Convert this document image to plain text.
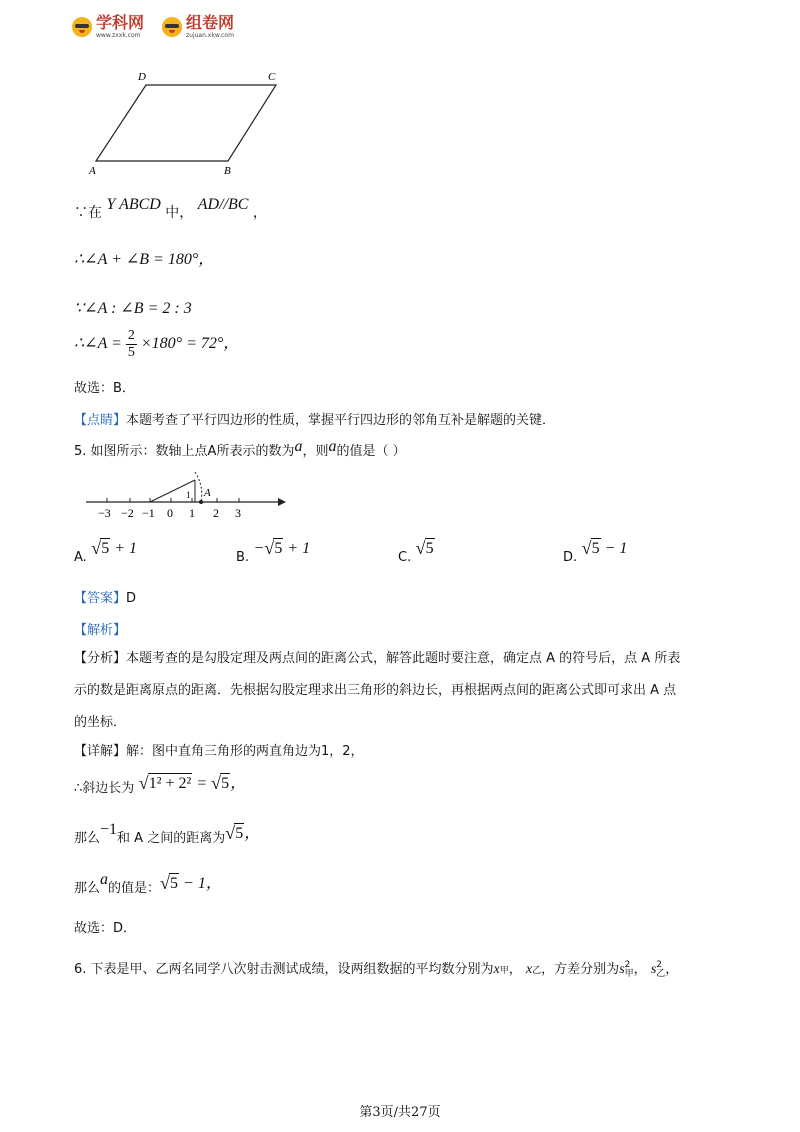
学科网
www.zxxk.com
组卷网
zujuan.xkw.com
D	C
A	B
∵在 Y ABCD 中， AD//BC ，
∴∠A + ∠B = 180°，
∵∠A : ∠B = 2 : 3
∴∠A = $\frac{2}{5} \times 180^\circ = 72^\circ$，
故选：B．
【点睛】本题考查了平行四边形的性质，掌握平行四边形的邻角互补是解题的关键．
5. 如图所示：数轴上点A所表示的数为a，则a的值是（ ）
A
1
−3 −2 −1 0 1 2 3
A. √ 5 + 1
B. − √ 5 + 1
C. √ 5
D. √ 5 − 1
【答案】D
【解析】
【分析】本题考查的是勾股定理及两点间的距离公式，解答此题时要注意，确定点 A 的符号后，点 A 所表
示的数是距离原点的距离．先根据勾股定理求出三角形的斜边长，再根据两点间的距离公式即可求出 A 点
的坐标．
【详解】解：图中直角三角形的两直角边为1，2，
∴斜边长为 √ 1² + 2² = √ 5，
那么−1和 A 之间的距离为 √ 5，
那么a的值是： √ 5 − 1，
故选：D．
6. 下表是甲、乙两名同学八次射击测试成绩，设两组数据的平均数分别为x甲， x乙，方差分别为s 2
甲 ， s 2
乙 ，
第3页/共27页
